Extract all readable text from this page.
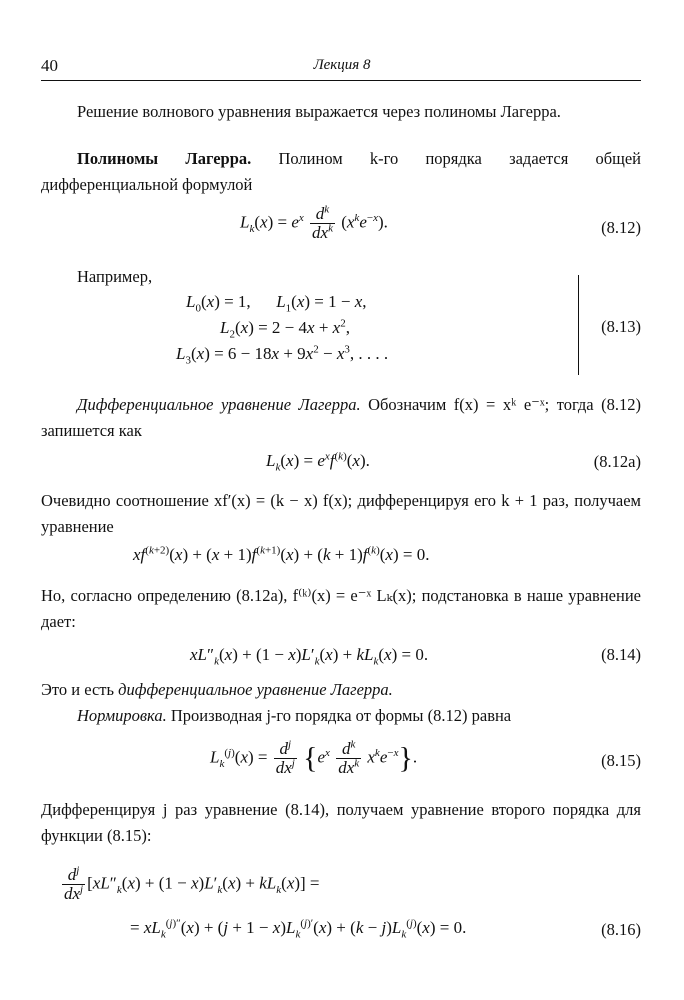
40	Лекция 8
Решение волнового уравнения выражается через полиномы Лагерра.
Полиномы Лагерра. Полином k-го порядка задается общей дифференциальной формулой
$L_k(x) = e^x \frac{d^k}{dx^k} (x^ke^{-x})$.	(8.12)
Например,
$L_0(x) = 1$,      $L_1(x) = 1 - x$,
$L_2(x) = 2 - 4x + x^2$,
$L_3(x) = 6 - 18x + 9x^2 - x^3$, . . . .
(8.13)
Дифференциальное уравнение Лагерра. Обозначим f(x) = xᵏ e⁻ˣ; тогда (8.12) запишется как
$L_k(x) = e^xf^{(k)}(x)$.	(8.12a)
Очевидно соотношение xf′(x) = (k − x) f(x); дифференцируя его k + 1 раз, получаем уравнение
$xf^{(k+2)}(x) + (x + 1)f^{(k+1)}(x) + (k + 1)f^{(k)}(x) = 0$.
Но, согласно определению (8.12а), f⁽ᵏ⁾(x) = e⁻ˣ Lₖ(x); подстановка в наше уравнение дает:
$xL''_k(x) + (1 - x)L'_k(x) + kL_k(x) = 0$.	(8.14)
Это и есть дифференциальное уравнение Лагерра.
Нормировка. Производная j-го порядка от формы (8.12) равна
$L_k^{(j)}(x) = \frac{d^j}{dx^j} \{e^x \frac{d^k}{dx^k} x^ke^{-x}\}$.	(8.15)
Дифференцируя j раз уравнение (8.14), получаем уравнение второго порядка для функции (8.15):
$\frac{d^j}{dx^j} [xL''_k(x) + (1 - x)L'_k(x) + kL_k(x)]$ =
= $xL_k^{(j)''}(x) + (j + 1 - x)L_k^{(j)'}(x) + (k - j)L_k^{(j)}(x) = 0$.	(8.16)
